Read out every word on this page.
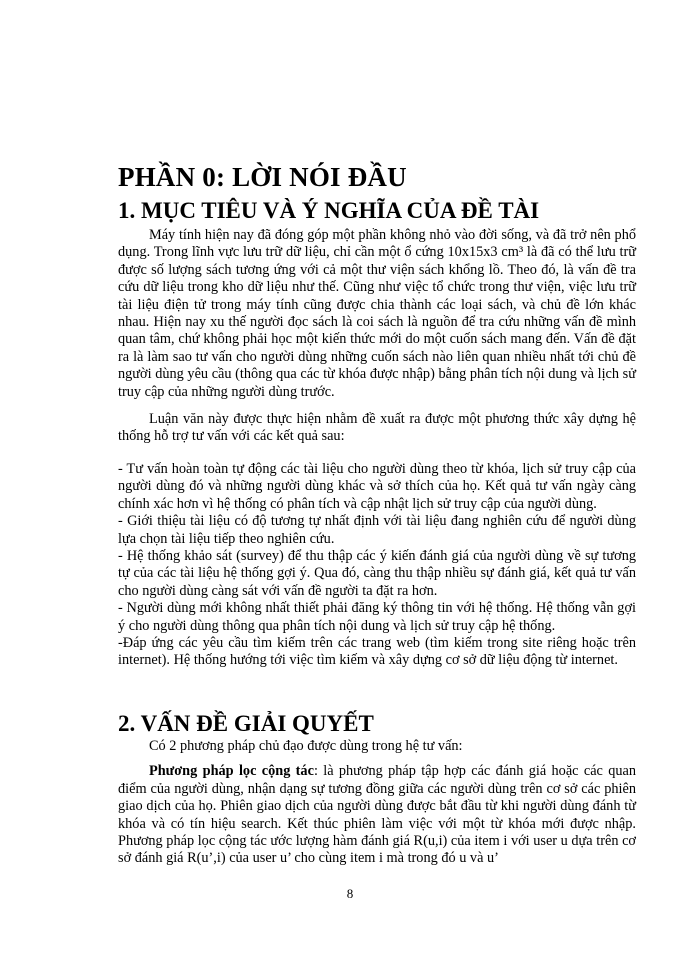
PHẦN 0: LỜI NÓI ĐẦU
1. MỤC TIÊU VÀ Ý NGHĨA CỦA ĐỀ TÀI

Máy tính hiện nay đã đóng góp một phần không nhỏ vào đời sống, và đã trở nên phổ dụng. Trong lĩnh vực lưu trữ dữ liệu, chỉ cần một ổ cứng 10x15x3 cm³ là đã có thể lưu trữ được số lượng sách tương ứng với cả một thư viện sách khổng lồ. Theo đó, là vấn đề tra cứu dữ liệu trong kho dữ liệu như thế. Cũng như việc tổ chức trong thư viện, việc lưu trữ tài liệu điện tử trong máy tính cũng được chia thành các loại sách, và chủ đề lớn khác nhau. Hiện nay xu thế người đọc sách là coi sách là nguồn để tra cứu những vấn đề mình quan tâm, chứ không phải học một kiến thức mới do một cuốn sách mang đến. Vấn đề đặt ra là làm sao tư vấn cho người dùng những cuốn sách nào liên quan nhiều nhất tới chủ đề người dùng yêu cầu (thông qua các từ khóa được nhập) bằng phân tích nội dung và lịch sử truy cập của những người dùng trước.

Luận văn này được thực hiện nhằm đề xuất ra được một phương thức xây dựng hệ thống hỗ trợ tư vấn với các kết quả sau:

- Tư vấn hoàn toàn tự động các tài liệu cho người dùng theo từ khóa, lịch sử truy cập của người dùng đó và những người dùng khác và sở thích của họ. Kết quả tư vấn ngày càng chính xác hơn vì hệ thống có phân tích và cập nhật lịch sử truy cập của người dùng.

- Giới thiệu tài liệu có độ tương tự nhất định với tài liệu đang nghiên cứu để người dùng lựa chọn tài liệu tiếp theo nghiên cứu.

- Hệ thống khảo sát (survey) để thu thập các ý kiến đánh giá của người dùng về sự tương tự của các tài liệu hệ thống gợi ý. Qua đó, càng thu thập nhiều sự đánh giá, kết quả tư vấn cho người dùng càng sát với vấn đề người ta đặt ra hơn.

- Người dùng mới không nhất thiết phải đăng ký thông tin với hệ thống. Hệ thống vẫn gợi ý cho người dùng thông qua phân tích nội dung và lịch sử truy cập hệ thống.

-Đáp ứng các yêu cầu tìm kiếm trên các trang web (tìm kiếm trong site riêng hoặc trên internet). Hệ thống hướng tới việc tìm kiếm và xây dựng cơ sở dữ liệu động từ internet.

2. VẤN ĐỀ GIẢI QUYẾT

Có 2 phương pháp chủ đạo được dùng trong hệ tư vấn:

Phương pháp lọc cộng tác: là phương pháp tập hợp các đánh giá hoặc các quan điểm của người dùng, nhận dạng sự tương đồng giữa các người dùng trên cơ sở các phiên giao dịch của họ. Phiên giao dịch của người dùng được bắt đầu từ khi người dùng đánh từ khóa và có tín hiệu search. Kết thúc phiên làm việc với một từ khóa mới được nhập. Phương pháp lọc cộng tác ước lượng hàm đánh giá R(u,i) của item i với user u dựa trên cơ sở đánh giá R(u’,i) của user u’ cho cùng item i mà trong đó u và u’

8
